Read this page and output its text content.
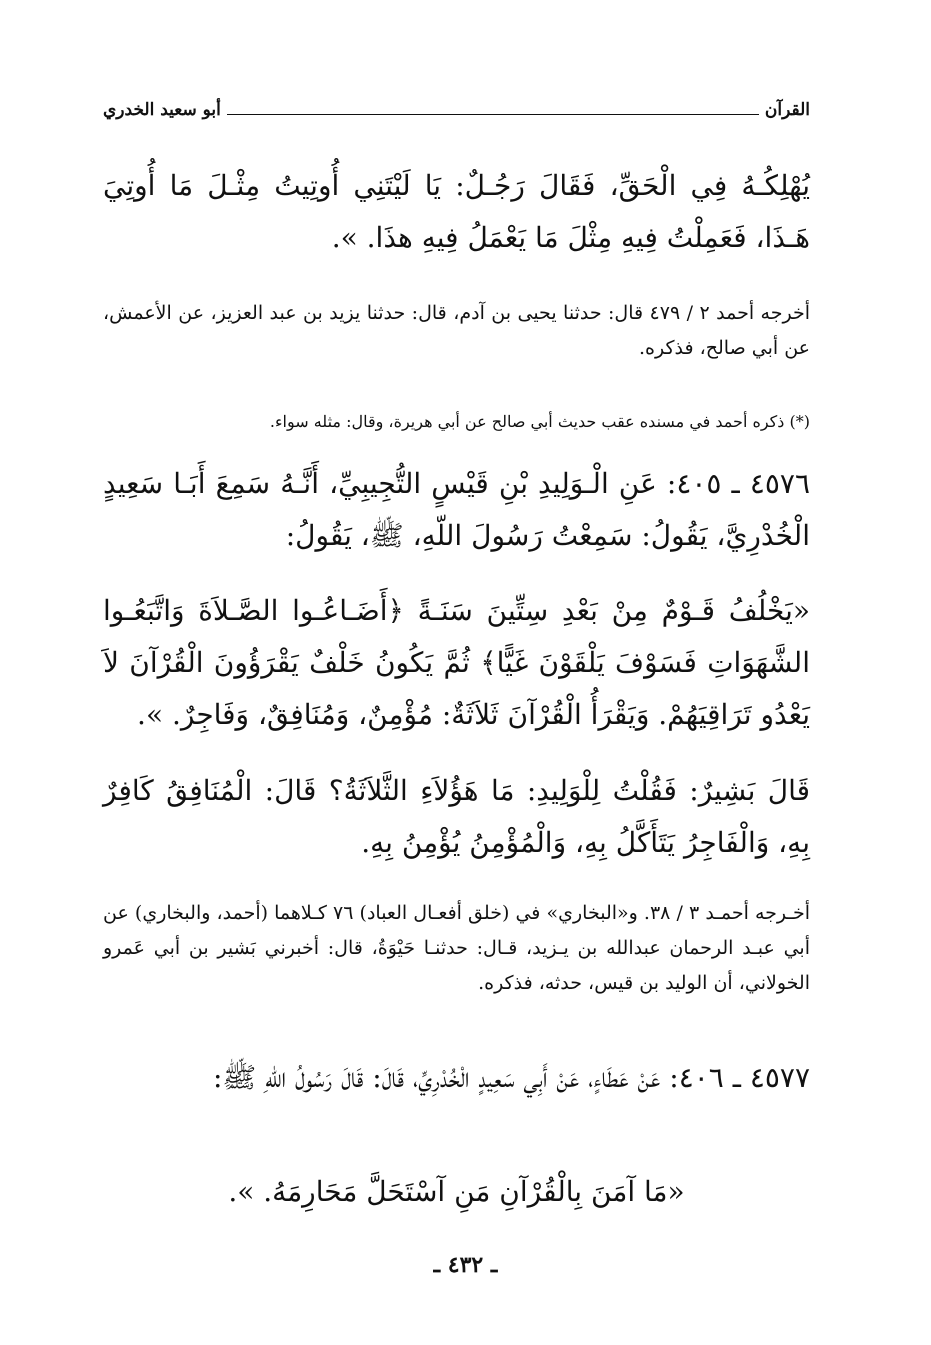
القرآن
أبو سعيد الخدري
يُهْلِكُـهُ فِي الْحَقِّ، فَقَالَ رَجُـلٌ: يَا لَيْتَنِي أُوتِيتُ مِثْـلَ مَا أُوتِيَ هَـذَا، فَعَمِلْتُ فِيهِ مِثْلَ مَا يَعْمَلُ فِيهِ هذَا. ».
أخرجه أحمد ٢ / ٤٧٩ قال: حدثنا يحيى بن آدم، قال: حدثنا يزيد بن عبد العزيز، عن الأعمش، عن أبي صالح، فذكره.
(*) ذكره أحمد في مسنده عقب حديث أبي صالح عن أبي هريرة، وقال: مثله سواء.
٤٥٧٦ ـ ٤٠٥: عَنِ الْـوَلِيدِ بْنِ قَيْسٍ التُّجِيبِيِّ، أَنَّـهُ سَمِعَ أَبَـا سَعِيدٍ الْخُدْرِيَّ، يَقُولُ: سَمِعْتُ رَسُولَ اللّهِ، ﷺ، يَقُولُ:
«يَخْلُفُ قَـوْمٌ مِنْ بَعْدِ سِتِّينَ سَنَـةً ﴿أَضَـاعُـوا الصَّـلاَةَ وَاتَّبَعُـوا الشَّهَوَاتِ فَسَوْفَ يَلْقَوْنَ غَيًّا﴾ ثُمَّ يَكُونُ خَلْفٌ يَقْرَؤُونَ الْقُرْآنَ لاَ يَعْدُو تَرَاقِيَهُمْ. وَيَقْرَأُ الْقُرْآنَ ثَلاَثَةٌ: مُؤْمِنٌ، وَمُنَافِقٌ، وَفَاجِرٌ. ».
قَالَ بَشِيرٌ: فَقُلْتُ لِلْوَلِيدِ: مَا هَؤُلاَءِ الثَّلاَثَةُ؟ قَالَ: الْمُنَافِقُ كَافِرٌ بِهِ، وَالْفَاجِرُ يَتَأَكَّلُ بِهِ، وَالْمُؤْمِنُ يُؤْمِنُ بِهِ.
أخـرجه أحمـد ٣ / ٣٨. و«البخاري» في (خلق أفعـال العباد) ٧٦ كـلاهما (أحمد، والبخاري) عن أبي عبـد الرحمان عبدالله بن يـزيد، قـال: حدثنـا حَيْوَةُ، قال: أخبرني بَشير بن أبي عَمرو الخولاني، أن الوليد بن قيس، حدثه، فذكره.
٤٥٧٧ ـ ٤٠٦: عَنْ عَطَاءٍ، عَنْ أَبِي سَعِيدٍ الْخُدْرِيِّ، قَالَ: قَالَ رَسُولُ اللّهِ ﷺ:
«مَا آمَنَ بِالْقُرْآنِ مَنِ آسْتَحَلَّ مَحَارِمَهُ. ».
ـ ٤٣٢ ـ
